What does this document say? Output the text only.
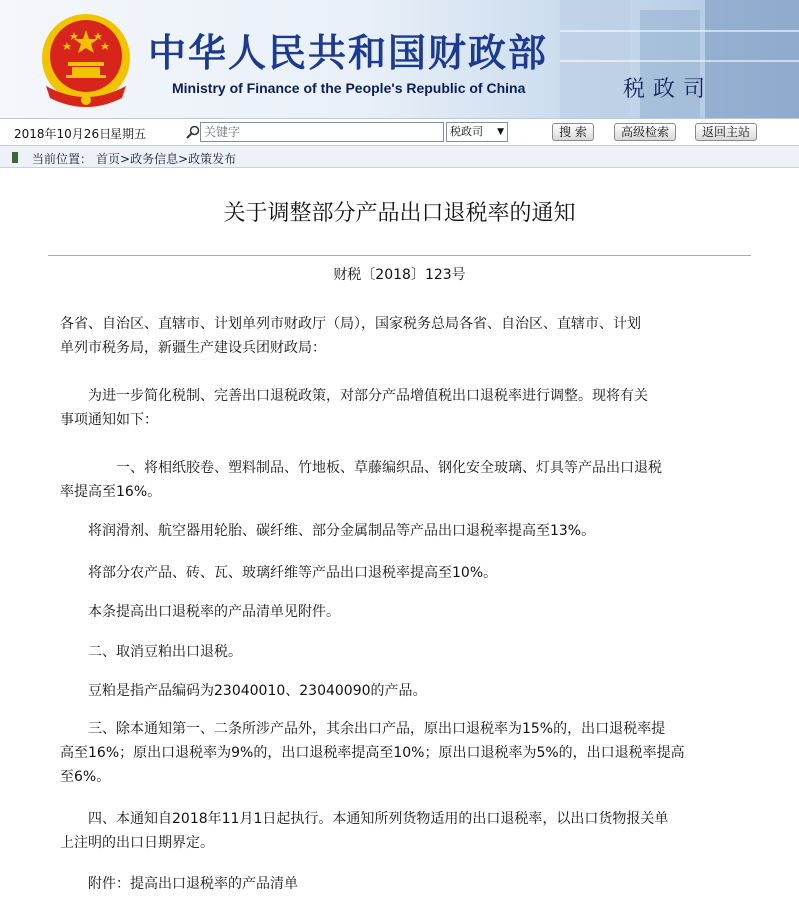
中华人民共和国财政部
Ministry of Finance of the People's Republic of China	税政司
2018年10月26日
星期五
关键字	税政司 ▼	搜 索	高级检索	返回主站
当前位置： 首页>政务信息>政策发布
关于调整部分产品出口退税率的通知
财税〔2018〕123号
各省、自治区、直辖市、计划单列市财政厅（局），国家税务总局各省、自治区、直辖市、计划
单列市税务局，新疆生产建设兵团财政局：
　　为进一步简化税制、完善出口退税政策，对部分产品增值税出口退税率进行调整。现将有关
事项通知如下：
　　　　一、将相纸胶卷、塑料制品、竹地板、草藤编织品、钢化安全玻璃、灯具等产品出口退税
率提高至16%。
　　将润滑剂、航空器用轮胎、碳纤维、部分金属制品等产品出口退税率提高至13%。
　　将部分农产品、砖、瓦、玻璃纤维等产品出口退税率提高至10%。
　　本条提高出口退税率的产品清单见附件。
　　二、取消豆粕出口退税。
　　豆粕是指产品编码为23040010、23040090的产品。
　　三、除本通知第一、二条所涉产品外，其余出口产品，原出口退税率为15%的，出口退税率提
高至16%；原出口退税率为9%的，出口退税率提高至10%；原出口退税率为5%的，出口退税率提高
至6%。
　　四、本通知自2018年11月1日起执行。本通知所列货物适用的出口退税率，以出口货物报关单
上注明的出口日期界定。
　　附件：提高出口退税率的产品清单
